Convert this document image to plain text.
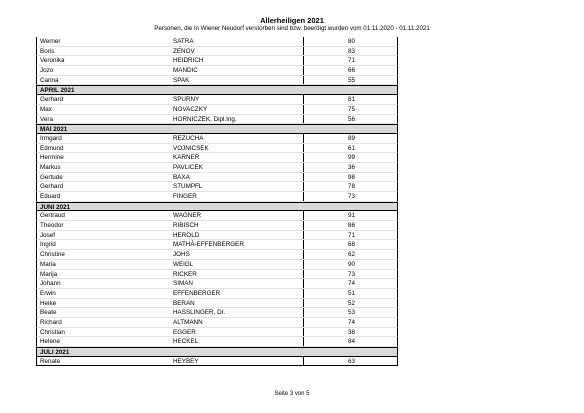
Allerheiligen 2021
Personen, die in Wiener Neudorf verstorben sind bzw. beerdigt wurden vom 01.11.2020 - 01.11.2021
Werner	SATRA	80
Boris	ZENOV	83
Veronika	HEIDRICH	71
Jozo	MANDIC	66
Carina	SPAK	55
APRIL 2021
Gerhard	SPURNY	81
Max	NOVACZKY	75
Vera	HORNICZEK, Dipl.Ing.	56
MAI 2021
Irmgard	REZUCHA	89
Edmund	VOJNICSEK	61
Hermine	KARNER	99
Markus	PAVLICEK	36
Gertude	BAXA	98
Gerhard	STUMPFL	78
Eduard	FINGER	73
JUNI 2021
Gertraud	WAGNER	91
Theodor	RIBISCH	86
Josef	HEROLD	71
Ingrid	MATHÀ-EFFENBERGER	68
Christine	JOHS	62
Maria	WEIGL	90
Marija	RICKER	73
Johann	SIMAN	74
Erwin	EFFENBERGER	51
Heike	BERAN	52
Beate	HASSLINGER, Dr.	53
Richard	ALTMANN	74
Christian	EGGER	38
Helene	HECKEL	84
JULI 2021
Renate	HEYBEY	63
Seite 3 von 5
